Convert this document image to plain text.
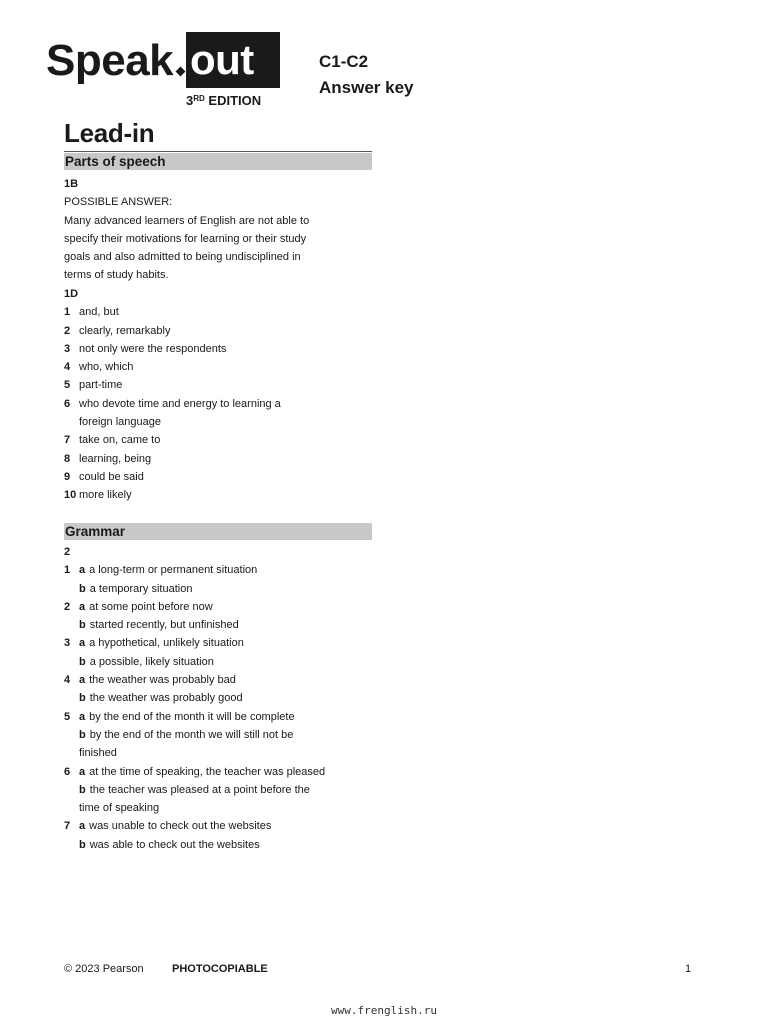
Speak out
3RD EDITION
C1-C2
Answer key
Lead-in
Parts of speech
1B
POSSIBLE ANSWER:
Many advanced learners of English are not able to
specify their motivations for learning or their study
goals and also admitted to being undisciplined in
terms of study habits.
1D
1 and, but
2 clearly, remarkably
3 not only were the respondents
4 who, which
5 part-time
6 who devote time and energy to learning a
foreign language
7 take on, came to
8 learning, being
9 could be said
10 more likely
Grammar
2
1 a a long-term or permanent situation
b a temporary situation
2 a at some point before now
b started recently, but unfinished
3 a a hypothetical, unlikely situation
b a possible, likely situation
4 a the weather was probably bad
b the weather was probably good
5 a by the end of the month it will be complete
b by the end of the month we will still not be
finished
6 a at the time of speaking, the teacher was pleased
b the teacher was pleased at a point before the
time of speaking
7 a was unable to check out the websites
b was able to check out the websites
© 2023 Pearson	PHOTOCOPIABLE	1
www.frenglish.ru
